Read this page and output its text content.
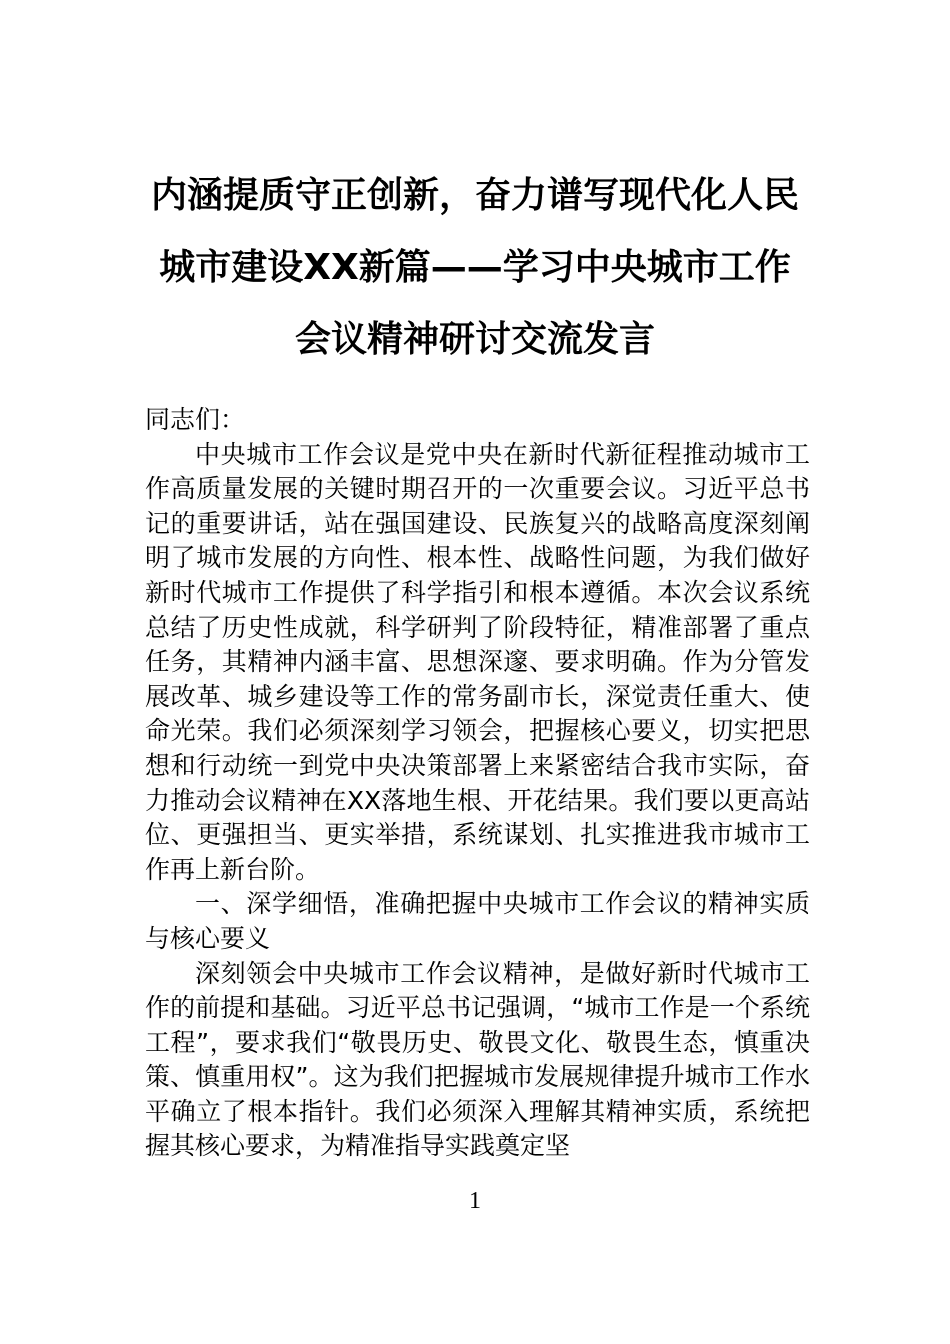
内涵提质守正创新，奋力谱写现代化人民
城市建设XX新篇——学习中央城市工作
会议精神研讨交流发言

同志们：

中央城市工作会议是党中央在新时代新征程推动城市工作高质量发展的关键时期召开的一次重要会议。习近平总书记的重要讲话，站在强国建设、民族复兴的战略高度深刻阐明了城市发展的方向性、根本性、战略性问题，为我们做好新时代城市工作提供了科学指引和根本遵循。本次会议系统总结了历史性成就，科学研判了阶段特征，精准部署了重点任务，其精神内涵丰富、思想深邃、要求明确。作为分管发展改革、城乡建设等工作的常务副市长，深觉责任重大、使命光荣。我们必须深刻学习领会，把握核心要义，切实把思想和行动统一到党中央决策部署上来紧密结合我市实际，奋力推动会议精神在XX落地生根、开花结果。我们要以更高站位、更强担当、更实举措，系统谋划、扎实推进我市城市工作再上新台阶。

一、深学细悟，准确把握中央城市工作会议的精神实质与核心要义

深刻领会中央城市工作会议精神，是做好新时代城市工作的前提和基础。习近平总书记强调，“城市工作是一个系统工程”，要求我们“敬畏历史、敬畏文化、敬畏生态，慎重决策、慎重用权”。这为我们把握城市发展规律提升城市工作水平确立了根本指针。我们必须深入理解其精神实质，系统把握其核心要求，为精准指导实践奠定坚

1
